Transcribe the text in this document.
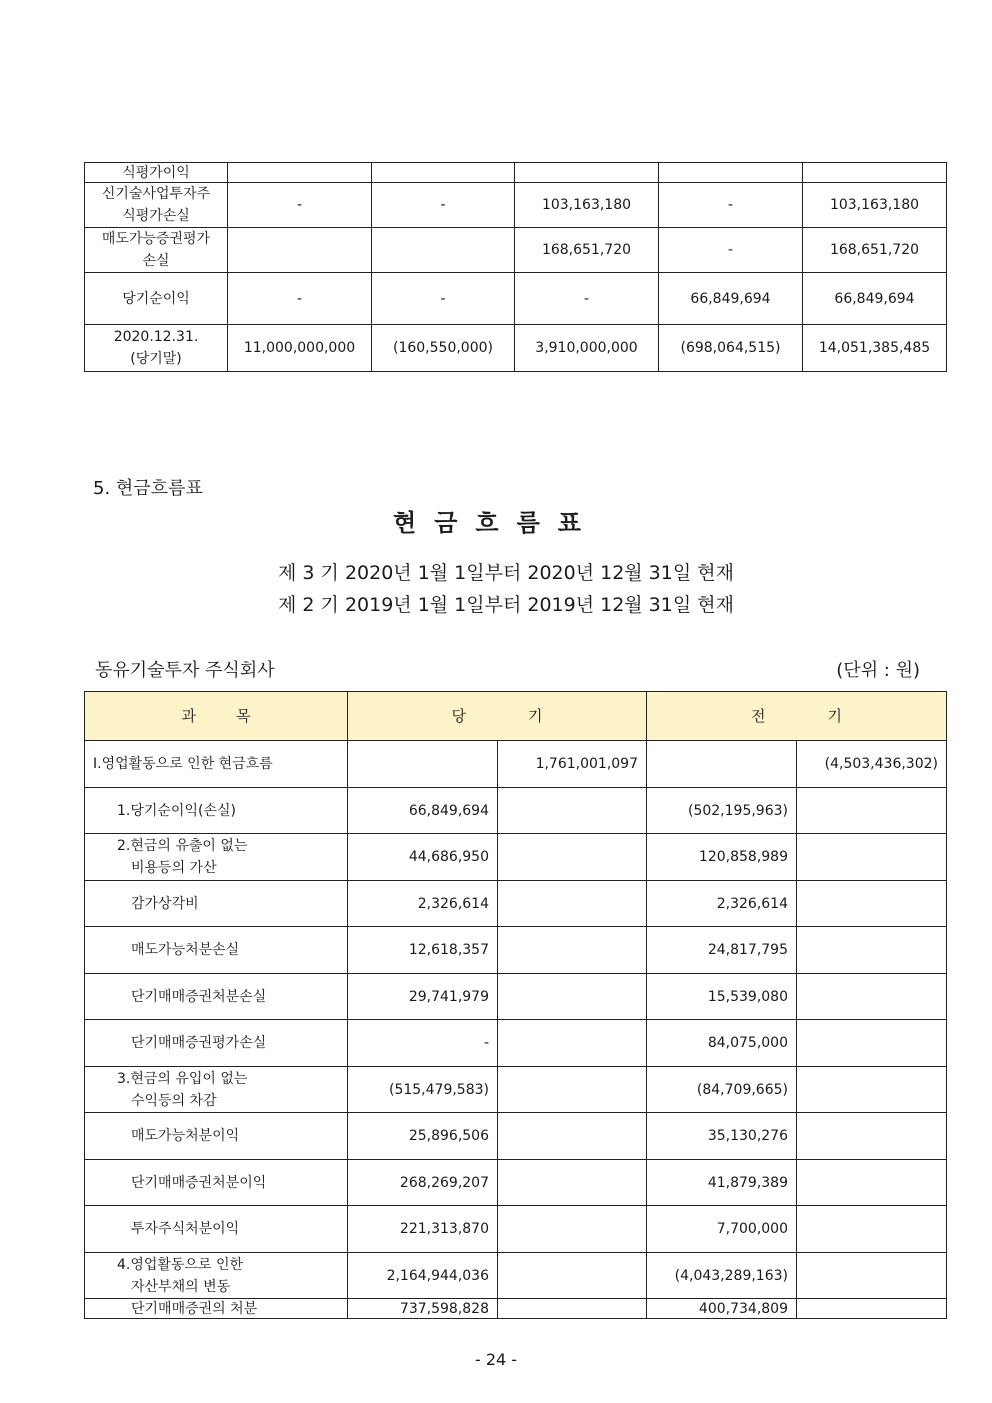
식평가이익					
신기술사업투자주
식평가손실	-	-	103,163,180	-	103,163,180
매도가능증권평가
손실			168,651,720	-	168,651,720
당기순이익	-	-	-	66,849,694	66,849,694
2020.12.31.
(당기말)	11,000,000,000	(160,550,000)	3,910,000,000	(698,064,515)	14,051,385,485
5. 현금흐름표
현금흐름표
제 3 기 2020년 1월 1일부터 2020년 12월 31일 현재
제 2 기 2019년 1월 1일부터 2019년 12월 31일 현재
동유기술투자 주식회사	(단위 : 원)
과 목	당 기		전 기	
Ⅰ.영업활동으로 인한 현금흐름		1,761,001,097		(4,503,436,302)
1.당기순이익(손실)	66,849,694		(502,195,963)	
2.현금의 유출이 없는
비용등의 가산	44,686,950		120,858,989	
감가상각비	2,326,614		2,326,614	
매도가능처분손실	12,618,357		24,817,795	
단기매매증권처분손실	29,741,979		15,539,080	
단기매매증권평가손실	-		84,075,000	
3.현금의 유입이 없는
수익등의 차감	(515,479,583)		(84,709,665)	
매도가능처분이익	25,896,506		35,130,276	
단기매매증권처분이익	268,269,207		41,879,389	
투자주식처분이익	221,313,870		7,700,000	
4.영업활동으로 인한
자산부채의 변동	2,164,944,036		(4,043,289,163)	
단기매매증권의 처분	737,598,828		400,734,809	
- 24 -
